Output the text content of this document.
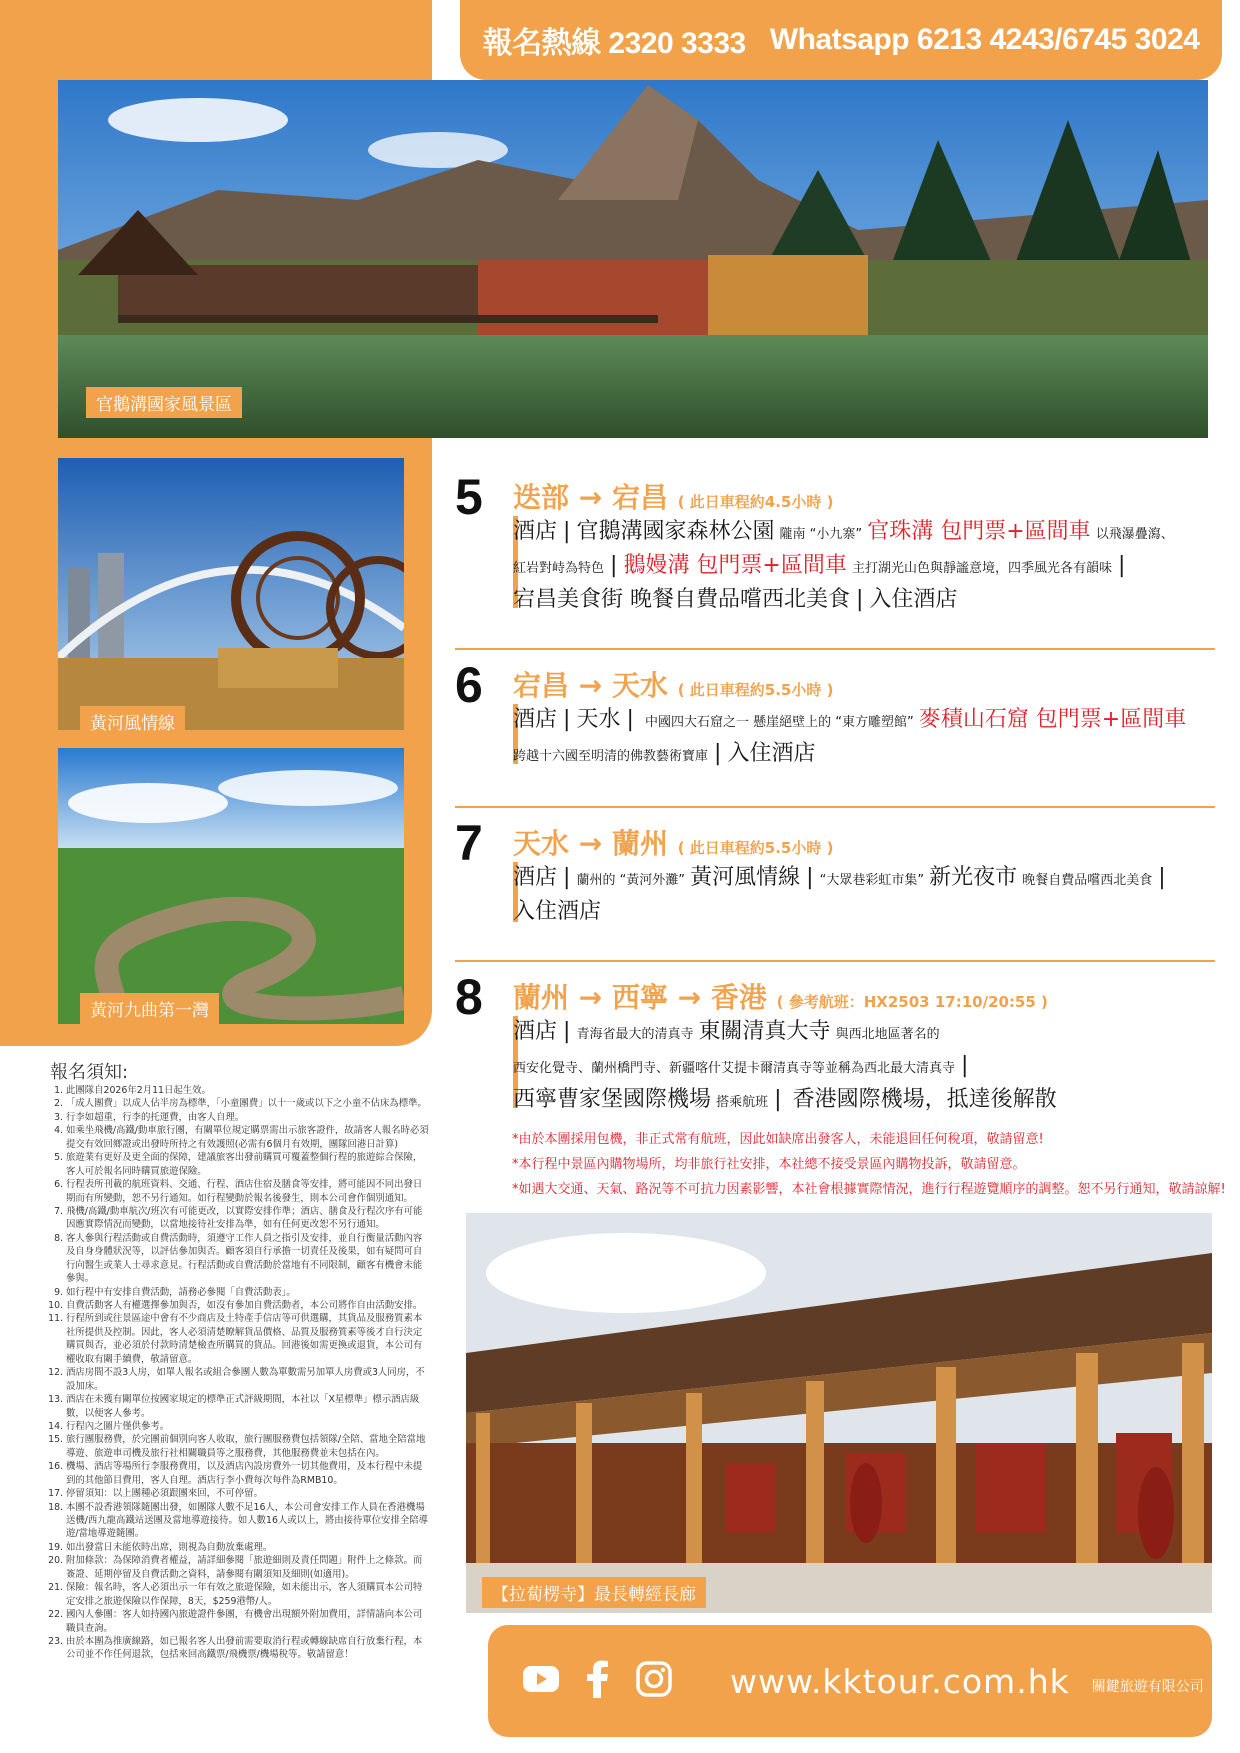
報名熱線 2320 3333 Whatsapp 6213 4243/6745 3024
官鵝溝國家風景區
黃河風情線
黃河九曲第一灣
5 迭部 → 宕昌 ( 此日車程約4.5小時 )
酒店 | 官鵝溝國家森林公園 隴南 “小九寨” 官珠溝 包門票+區間車 以飛瀑疊瀉、
紅岩對峙為特色 | 鵝嫚溝 包門票+區間車 主打湖光山色與靜謐意境，四季風光各有韻味 |
宕昌美食街 晚餐自費品嚐西北美食 | 入住酒店
6 宕昌 → 天水 ( 此日車程約5.5小時 )
酒店 | 天水 | 中國四大石窟之一 懸崖絕壁上的 “東方雕塑館” 麥積山石窟 包門票+區間車
跨越十六國至明清的佛教藝術寶庫 | 入住酒店
7 天水 → 蘭州 ( 此日車程約5.5小時 )
酒店 | 蘭州的 “黃河外灘” 黃河風情線 | “大眾巷彩虹市集” 新光夜市 晚餐自費品嚐西北美食 |
入住酒店
8 蘭州 → 西寧 → 香港 ( 參考航班：HX2503 17:10/20:55 )
酒店 | 青海省最大的清真寺 東關清真大寺 與西北地區著名的
西安化覺寺、蘭州橋門寺、新疆喀什艾提卡爾清真寺等並稱為西北最大清真寺 |
西寧曹家堡國際機場 搭乘航班 | 香港國際機場，抵達後解散
*由於本團採用包機，非正式常有航班，因此如缺席出發客人，未能退回任何稅項，敬請留意!
*本行程中景區內購物場所，均非旅行社安排，本社總不接受景區內購物投訴，敬請留意。
*如遇大交通、天氣、路況等不可抗力因素影響，本社會根據實際情況，進行行程遊覽順序的調整。恕不另行通知，敬請諒解!
【拉蔔楞寺】最長轉經長廊
報名須知:
1. 此團隊自2026年2月11日起生效。
2. 「成人團費」以成人佔半房為標準，「小童團費」以十一歲或以下之小童不佔床為標準。
3. 行李如超重，行李的托運費，由客人自理。
4. 如乘坐飛機/高鐵/動車旅行團，有關單位規定購票需出示旅客證件，故請客人報名時必須提交有效回鄉證或出發時所持之有效護照(必需有6個月有效期，團隊回港日計算)
5. 旅遊業有更好及更全面的保障，建議旅客出發前購買可覆蓋整個行程的旅遊綜合保險，客人可於報名同時購買旅遊保險。
6. 行程表所刊載的航班資料、交通、行程、酒店住宿及膳食等安排，將可能因不同出發日期而有所變動，恕不另行通知。如行程變動於報名後發生，則本公司會作個別通知。
7. 飛機/高鐵/動車航次/班次有可能更改，以實際安排作準；酒店、膳食及行程次序有可能因應實際情況而變動，以當地接待社安排為準，如有任何更改恕不另行通知。
8. 客人參與行程活動或自費活動時，須遵守工作人員之指引及安排，並自行衡量活動內容及自身身體狀況等，以評估參加與否。顧客須自行承擔一切責任及後果，如有疑問可自行向醫生或業人士尋求意見。行程活動或自費活動於當地有不同限制，顧客有機會未能參與。
9. 如行程中有安排自費活動，請務必參閱「自費活動表」。
10. 自費活動客人有權選擇參加與否，如沒有參加自費活動者，本公司將作自由活動安排。
11. 行程所到或往景區途中會有不少商店及土特產手信店等可供選購，其貨品及服務質素本社所提供及控制。因此，客人必須清楚瞭解貨品價格、品質及服務質素等後才自行決定購買與否，並必須於付款時清楚檢查所購買的貨品。回港後如需更換或退貨，本公司有權收取有關手續費，敬請留意。
12. 酒店房間不設3人房，如單人報名或組合參團人數為單數需另加單人房費或3人同房，不設加床。
13. 酒店在未獲有關單位按國家規定的標準正式評級期間，本社以「X星標準」標示酒店級數，以便客人參考。
14. 行程內之圖片僅供參考。
15. 旅行團服務費，於完團前個別向客人收取，旅行團服務費包括領隊/全陪、當地全陪當地導遊、旅遊車司機及旅行社相關職員等之服務費，其他服務費並未包括在內。
16. 機場、酒店等場所行李服務費用，以及酒店內設房費外一切其他費用，及本行程中未提到的其他節目費用，客人自理。酒店行李小費每次每件為RMB10。
17. 停留須知：以上團種必須跟團來回，不可停留。
18. 本團不設香港領隊隨團出發，如團隊人數不足16人，本公司會安排工作人員在香港機場送機/西九龍高鐵站送團及當地導遊接待。如人數16人或以上，將由接待單位安排全陪導遊/當地導遊隨團。
19. 如出發當日未能依時出席，則視為自動放棄處理。
20. 附加條款：為保障消費者權益，請詳細參閱「旅遊細則及責任問題」附件上之條款。而簽證、延期停留及自費活動之資料，請參閱有關須知及細則(如適用)。
21. 保險：報名時，客人必須出示一年有效之旅遊保險，如未能出示，客人須購買本公司特定安排之旅遊保險以作保障，8天，$259港幣/人。
22. 國內人參團：客人如持國內旅遊證件參團，有機會出現額外附加費用，詳情請向本公司職員查詢。
23. 由於本團為推廣線路，如已報名客人出發前需要取消行程或轉線缺席自行放棄行程，本公司並不作任何退款，包括來回高鐵票/飛機票/機場稅等。敬請留意！
www.kktour.com.hk 關鍵旅遊有限公司
